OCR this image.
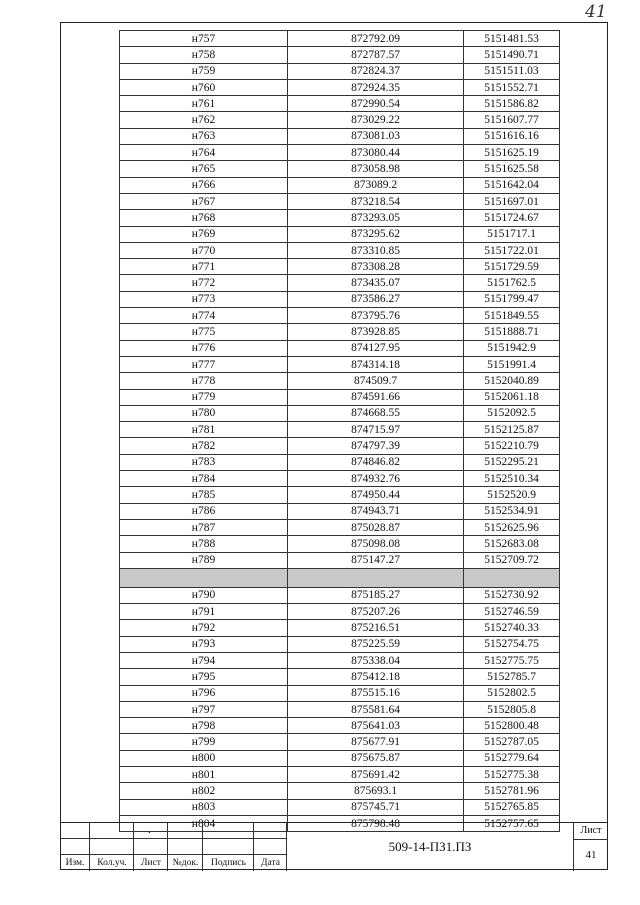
41
н757	872792.09	5151481.53
н758	872787.57	5151490.71
н759	872824.37	5151511.03
н760	872924.35	5151552.71
н761	872990.54	5151586.82
н762	873029.22	5151607.77
н763	873081.03	5151616.16
н764	873080.44	5151625.19
н765	873058.98	5151625.58
н766	873089.2	5151642.04
н767	873218.54	5151697.01
н768	873293.05	5151724.67
н769	873295.62	5151717.1
н770	873310.85	5151722.01
н771	873308.28	5151729.59
н772	873435.07	5151762.5
н773	873586.27	5151799.47
н774	873795.76	5151849.55
н775	873928.85	5151888.71
н776	874127.95	5151942.9
н777	874314.18	5151991.4
н778	874509.7	5152040.89
н779	874591.66	5152061.18
н780	874668.55	5152092.5
н781	874715.97	5152125.87
н782	874797.39	5152210.79
н783	874846.82	5152295.21
н784	874932.76	5152510.34
н785	874950.44	5152520.9
н786	874943.71	5152534.91
н787	875028.87	5152625.96
н788	875098.08	5152683.08
н789	875147.27	5152709.72

н790	875185.27	5152730.92
н791	875207.26	5152746.59
н792	875216.51	5152740.33
н793	875225.59	5152754.75
н794	875338.04	5152775.75
н795	875412.18	5152785.7
н796	875515.16	5152802.5
н797	875581.64	5152805.8
н798	875641.03	5152800.48
н799	875677.91	5152787.05
н800	875675.87	5152779.64
н801	875691.42	5152775.38
н802	875693.1	5152781.96
н803	875745.71	5152765.85
н804	875798.48	5152757.65
.
Изм.	Кол.уч.	Лист	№док.	Подпись	Дата
509-14-ПЗ1.ПЗ
Лист
41
